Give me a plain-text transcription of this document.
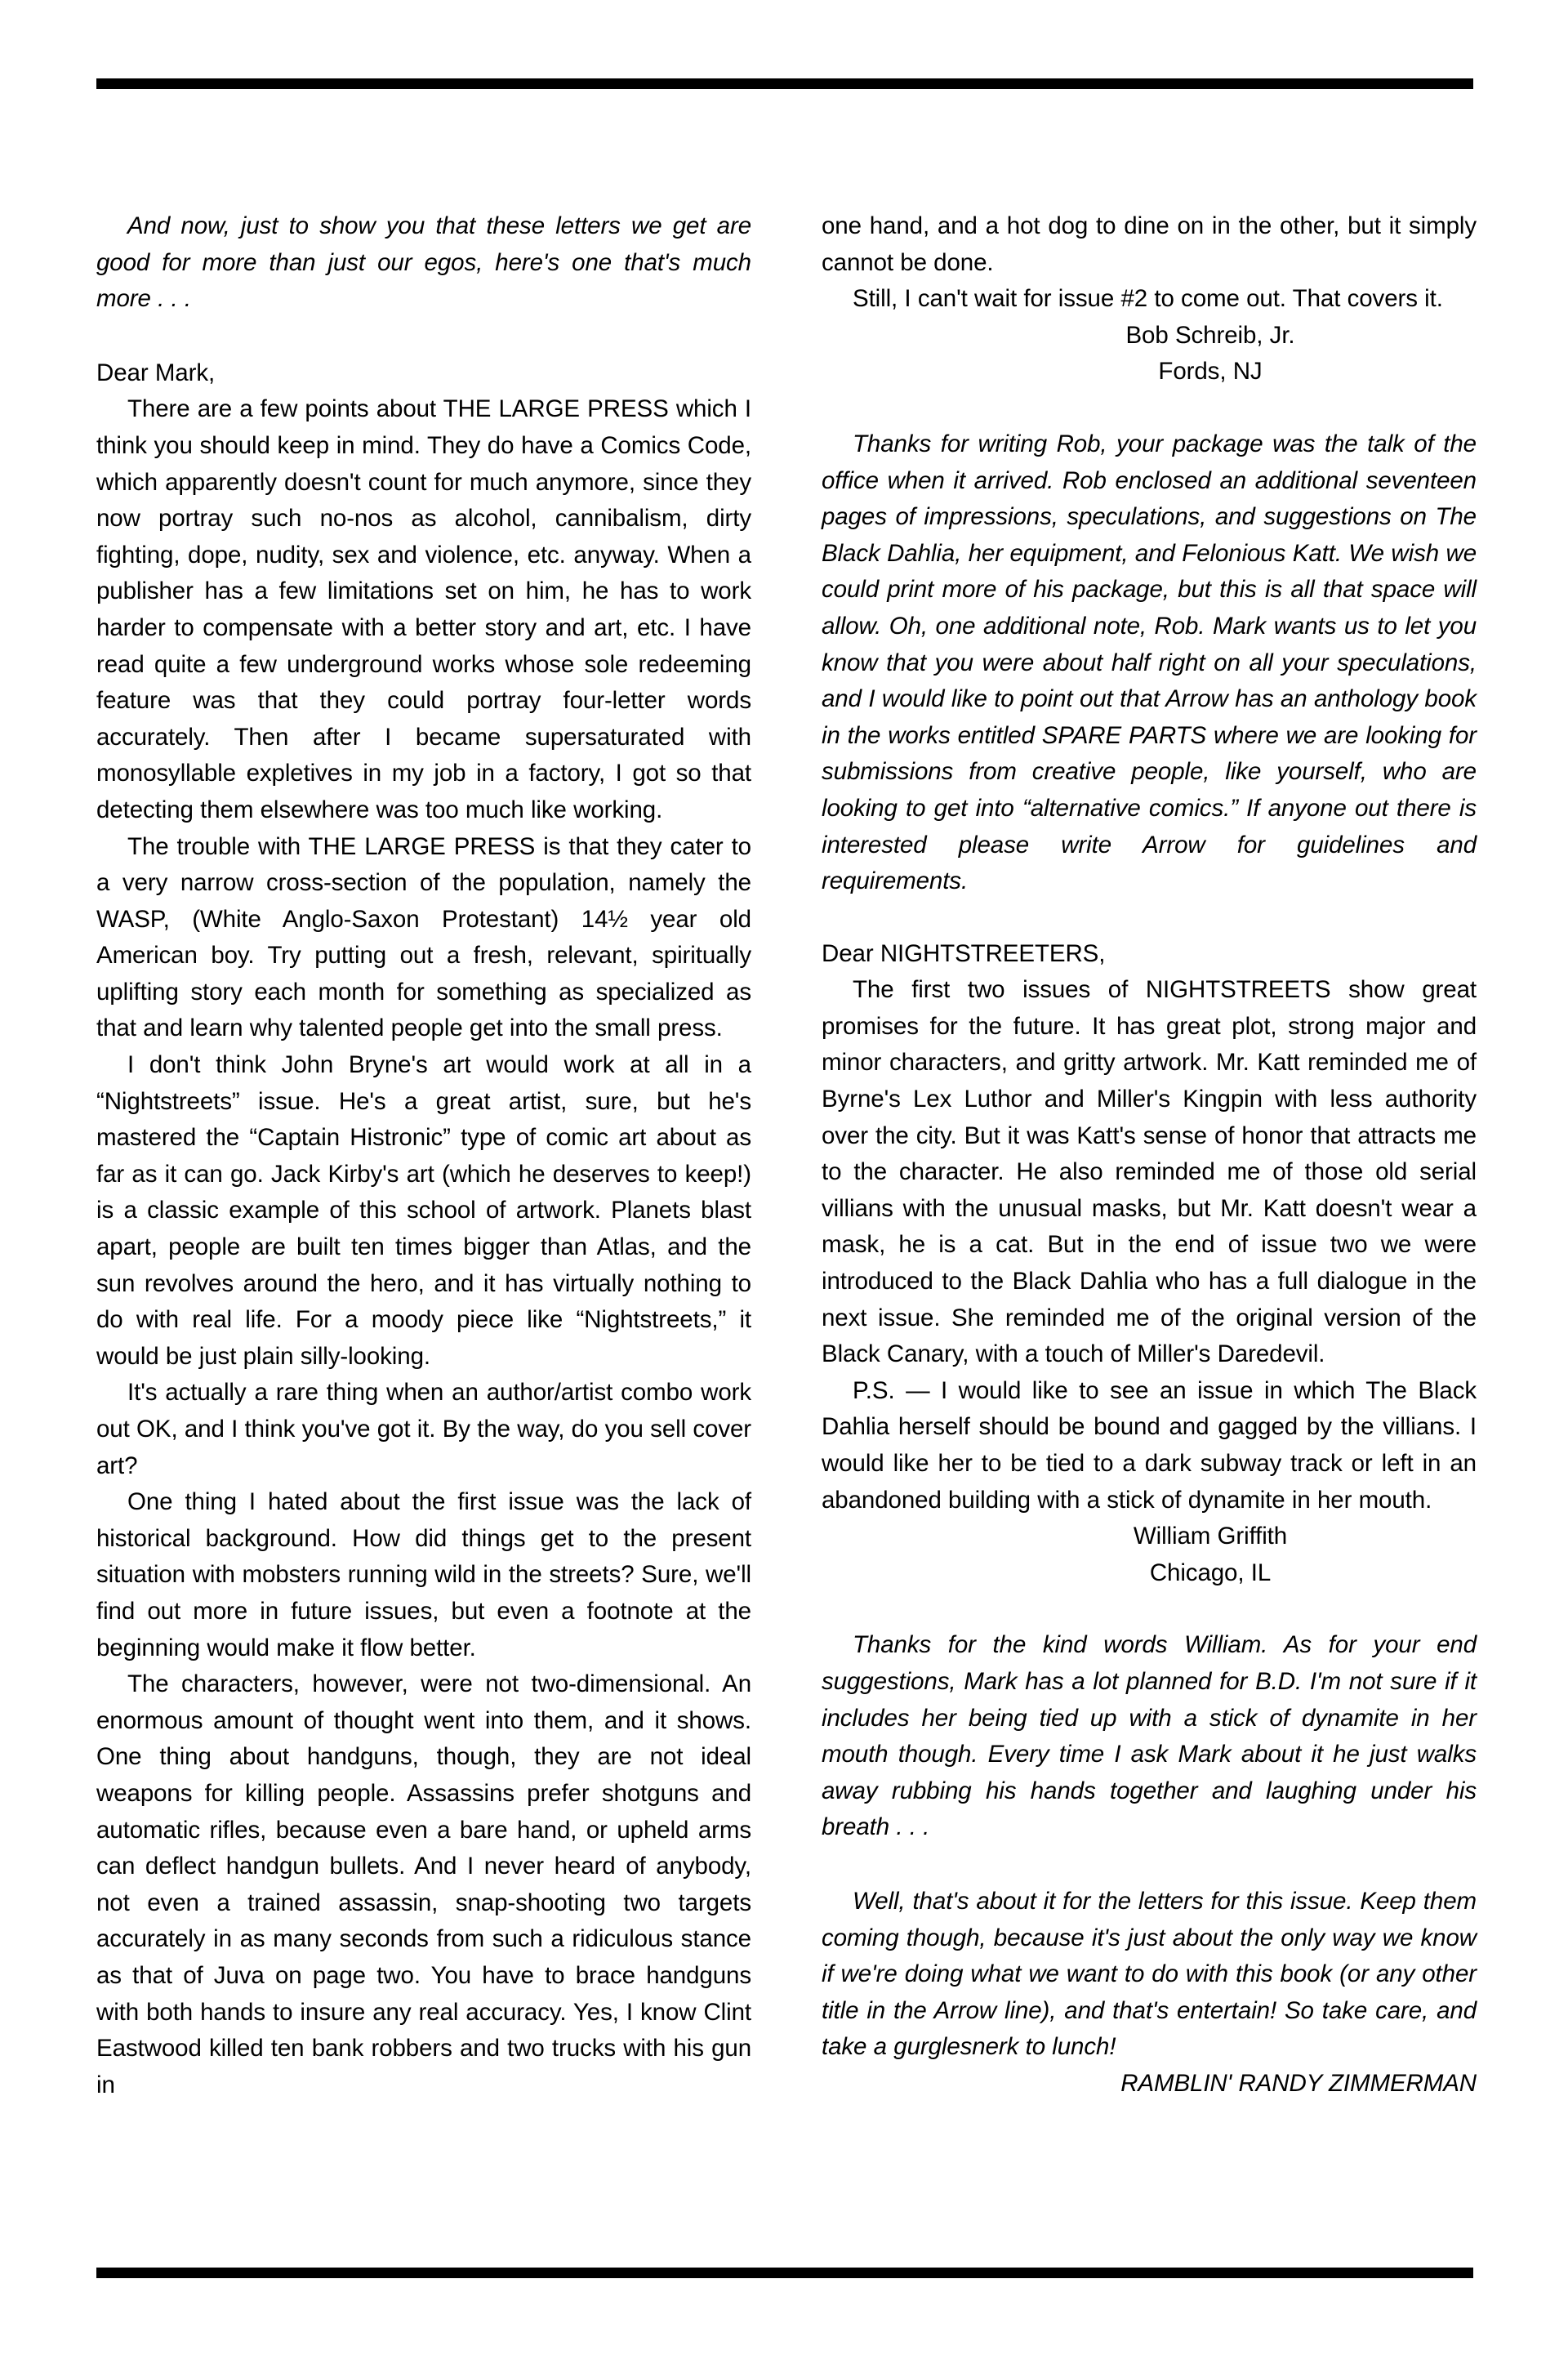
And now, just to show you that these letters we get are good for more than just our egos, here's one that's much more . . .

Dear Mark,

There are a few points about THE LARGE PRESS which I think you should keep in mind. They do have a Comics Code, which apparently doesn't count for much anymore, since they now portray such no-nos as alcohol, cannibalism, dirty fighting, dope, nudity, sex and violence, etc. anyway. When a publisher has a few limitations set on him, he has to work harder to compensate with a better story and art, etc. I have read quite a few underground works whose sole redeeming feature was that they could portray four-letter words accurately. Then after I became supersaturated with monosyllable expletives in my job in a factory, I got so that detecting them elsewhere was too much like working.

The trouble with THE LARGE PRESS is that they cater to a very narrow cross-section of the population, namely the WASP, (White Anglo-Saxon Protestant) 14½ year old American boy. Try putting out a fresh, relevant, spiritually uplifting story each month for something as specialized as that and learn why talented people get into the small press.

I don't think John Bryne's art would work at all in a “Nightstreets” issue. He's a great artist, sure, but he's mastered the “Captain Histronic” type of comic art about as far as it can go. Jack Kirby's art (which he deserves to keep!) is a classic example of this school of artwork. Planets blast apart, people are built ten times bigger than Atlas, and the sun revolves around the hero, and it has virtually nothing to do with real life. For a moody piece like “Nightstreets,” it would be just plain silly-looking.

It's actually a rare thing when an author/artist combo work out OK, and I think you've got it. By the way, do you sell cover art?

One thing I hated about the first issue was the lack of historical background. How did things get to the present situation with mobsters running wild in the streets? Sure, we'll find out more in future issues, but even a footnote at the beginning would make it flow better.

The characters, however, were not two-dimensional. An enormous amount of thought went into them, and it shows. One thing about handguns, though, they are not ideal weapons for killing people. Assassins prefer shotguns and automatic rifles, because even a bare hand, or upheld arms can deflect handgun bullets. And I never heard of anybody, not even a trained assassin, snap-shooting two targets accurately in as many seconds from such a ridiculous stance as that of Juva on page two. You have to brace handguns with both hands to insure any real accuracy. Yes, I know Clint Eastwood killed ten bank robbers and two trucks with his gun in

one hand, and a hot dog to dine on in the other, but it simply cannot be done.

Still, I can't wait for issue #2 to come out. That covers it.

Bob Schreib, Jr.

Fords, NJ

Thanks for writing Rob, your package was the talk of the office when it arrived. Rob enclosed an additional seventeen pages of impressions, speculations, and suggestions on The Black Dahlia, her equipment, and Felonious Katt. We wish we could print more of his package, but this is all that space will allow. Oh, one additional note, Rob. Mark wants us to let you know that you were about half right on all your speculations, and I would like to point out that Arrow has an anthology book in the works entitled SPARE PARTS where we are looking for submissions from creative people, like yourself, who are looking to get into “alternative comics.” If anyone out there is interested please write Arrow for guidelines and requirements.

Dear NIGHTSTREETERS,

The first two issues of NIGHTSTREETS show great promises for the future. It has great plot, strong major and minor characters, and gritty artwork. Mr. Katt reminded me of Byrne's Lex Luthor and Miller's Kingpin with less authority over the city. But it was Katt's sense of honor that attracts me to the character. He also reminded me of those old serial villians with the unusual masks, but Mr. Katt doesn't wear a mask, he is a cat. But in the end of issue two we were introduced to the Black Dahlia who has a full dialogue in the next issue. She reminded me of the original version of the Black Canary, with a touch of Miller's Daredevil.

P.S. — I would like to see an issue in which The Black Dahlia herself should be bound and gagged by the villians. I would like her to be tied to a dark subway track or left in an abandoned building with a stick of dynamite in her mouth.

William Griffith

Chicago, IL

Thanks for the kind words William. As for your end suggestions, Mark has a lot planned for B.D. I'm not sure if it includes her being tied up with a stick of dynamite in her mouth though. Every time I ask Mark about it he just walks away rubbing his hands together and laughing under his breath . . .

Well, that's about it for the letters for this issue. Keep them coming though, because it's just about the only way we know if we're doing what we want to do with this book (or any other title in the Arrow line), and that's entertain! So take care, and take a gurglesnerk to lunch!

RAMBLIN' RANDY ZIMMERMAN
